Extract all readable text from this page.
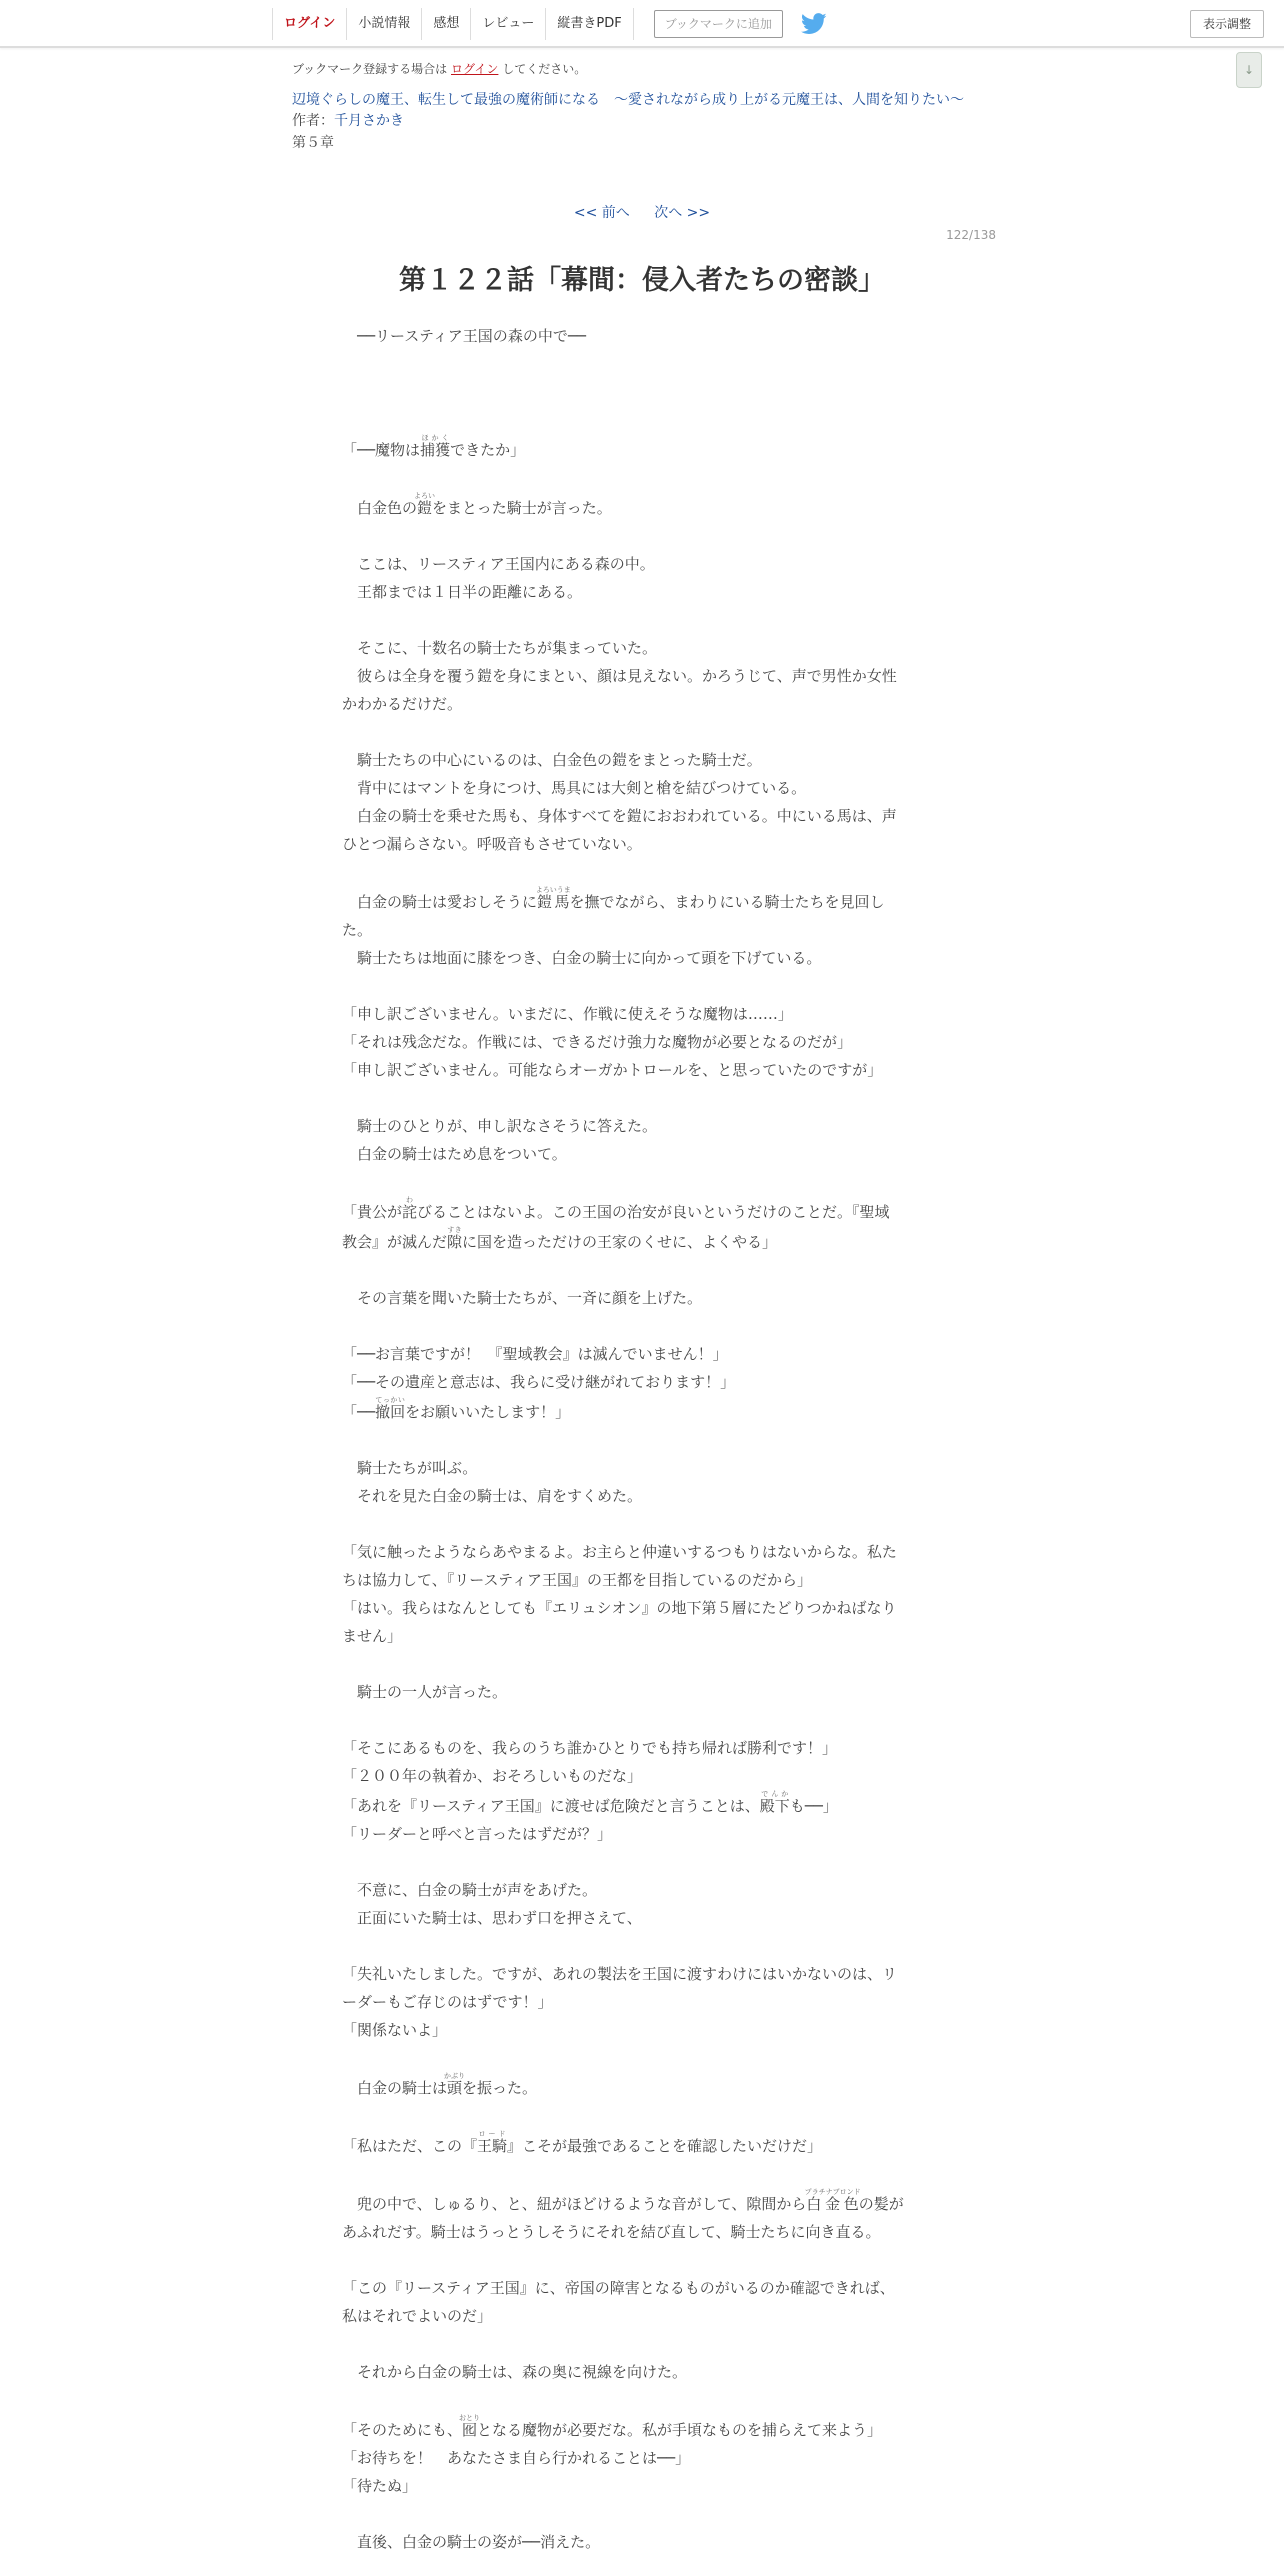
ログイン	小説情報	感想	レビュー	縦書きPDF	ブックマークに追加	表示調整
↓
ブックマーク登録する場合は ログイン してください。
辺境ぐらしの魔王、転生して最強の魔術師になる　〜愛されながら成り上がる元魔王は、人間を知りたい〜
作者：千月さかき
第５章
<< 前へ 次へ >>
122/138
第１２２話「幕間：侵入者たちの密談」

　──リースティア王国の森の中で──

「──魔物は捕獲ほかくできたか」

　白金色の鎧よろいをまとった騎士が言った。

　ここは、リースティア王国内にある森の中。

　王都までは１日半の距離にある。

　そこに、十数名の騎士たちが集まっていた。

　彼らは全身を覆う鎧を身にまとい、顔は見えない。かろうじて、声で男性か女性

かわかるだけだ。

　騎士たちの中心にいるのは、白金色の鎧をまとった騎士だ。

　背中にはマントを身につけ、馬具には大剣と槍を結びつけている。

　白金の騎士を乗せた馬も、身体すべてを鎧におおわれている。中にいる馬は、声

ひとつ漏らさない。呼吸音もさせていない。

　白金の騎士は愛おしそうに鎧馬よろいうまを撫でながら、まわりにいる騎士たちを見回し

た。

　騎士たちは地面に膝をつき、白金の騎士に向かって頭を下げている。

「申し訳ございません。いまだに、作戦に使えそうな魔物は……」

「それは残念だな。作戦には、できるだけ強力な魔物が必要となるのだが」

「申し訳ございません。可能ならオーガかトロールを、と思っていたのですが」

　騎士のひとりが、申し訳なさそうに答えた。

　白金の騎士はため息をついて。

「貴公が詫わびることはないよ。この王国の治安が良いというだけのことだ。『聖域

教会』が滅んだ隙すきに国を造っただけの王家のくせに、よくやる」

　その言葉を聞いた騎士たちが、一斉に顔を上げた。

「──お言葉ですが！　『聖域教会』は滅んでいません！」

「──その遺産と意志は、我らに受け継がれております！」

「──撤回てっかいをお願いいたします！」

　騎士たちが叫ぶ。

　それを見た白金の騎士は、肩をすくめた。

「気に触ったようならあやまるよ。お主らと仲違いするつもりはないからな。私た

ちは協力して、『リースティア王国』の王都を目指しているのだから」

「はい。我らはなんとしても『エリュシオン』の地下第５層にたどりつかねばなり

ません」

　騎士の一人が言った。

「そこにあるものを、我らのうち誰かひとりでも持ち帰れば勝利です！」

「２００年の執着か、おそろしいものだな」

「あれを『リースティア王国』に渡せば危険だと言うことは、殿下でんかも──」

「リーダーと呼べと言ったはずだが？」

　不意に、白金の騎士が声をあげた。

　正面にいた騎士は、思わず口を押さえて、

「失礼いたしました。ですが、あれの製法を王国に渡すわけにはいかないのは、リ

ーダーもご存じのはずです！」

「関係ないよ」

　白金の騎士は頭かぶりを振った。

「私はただ、この『王騎ロード』こそが最強であることを確認したいだけだ」

　兜の中で、しゅるり、と、紐がほどけるような音がして、隙間から白金色プラチナブロンドの髪が

あふれだす。騎士はうっとうしそうにそれを結び直して、騎士たちに向き直る。

「この『リースティア王国』に、帝国の障害となるものがいるのか確認できれば、

私はそれでよいのだ」

　それから白金の騎士は、森の奥に視線を向けた。

「そのためにも、囮おとりとなる魔物が必要だな。私が手頃なものを捕らえて来よう」

「お待ちを！　あなたさま自ら行かれることは──」

「待たぬ」

　直後、白金の騎士の姿が──消えた。
